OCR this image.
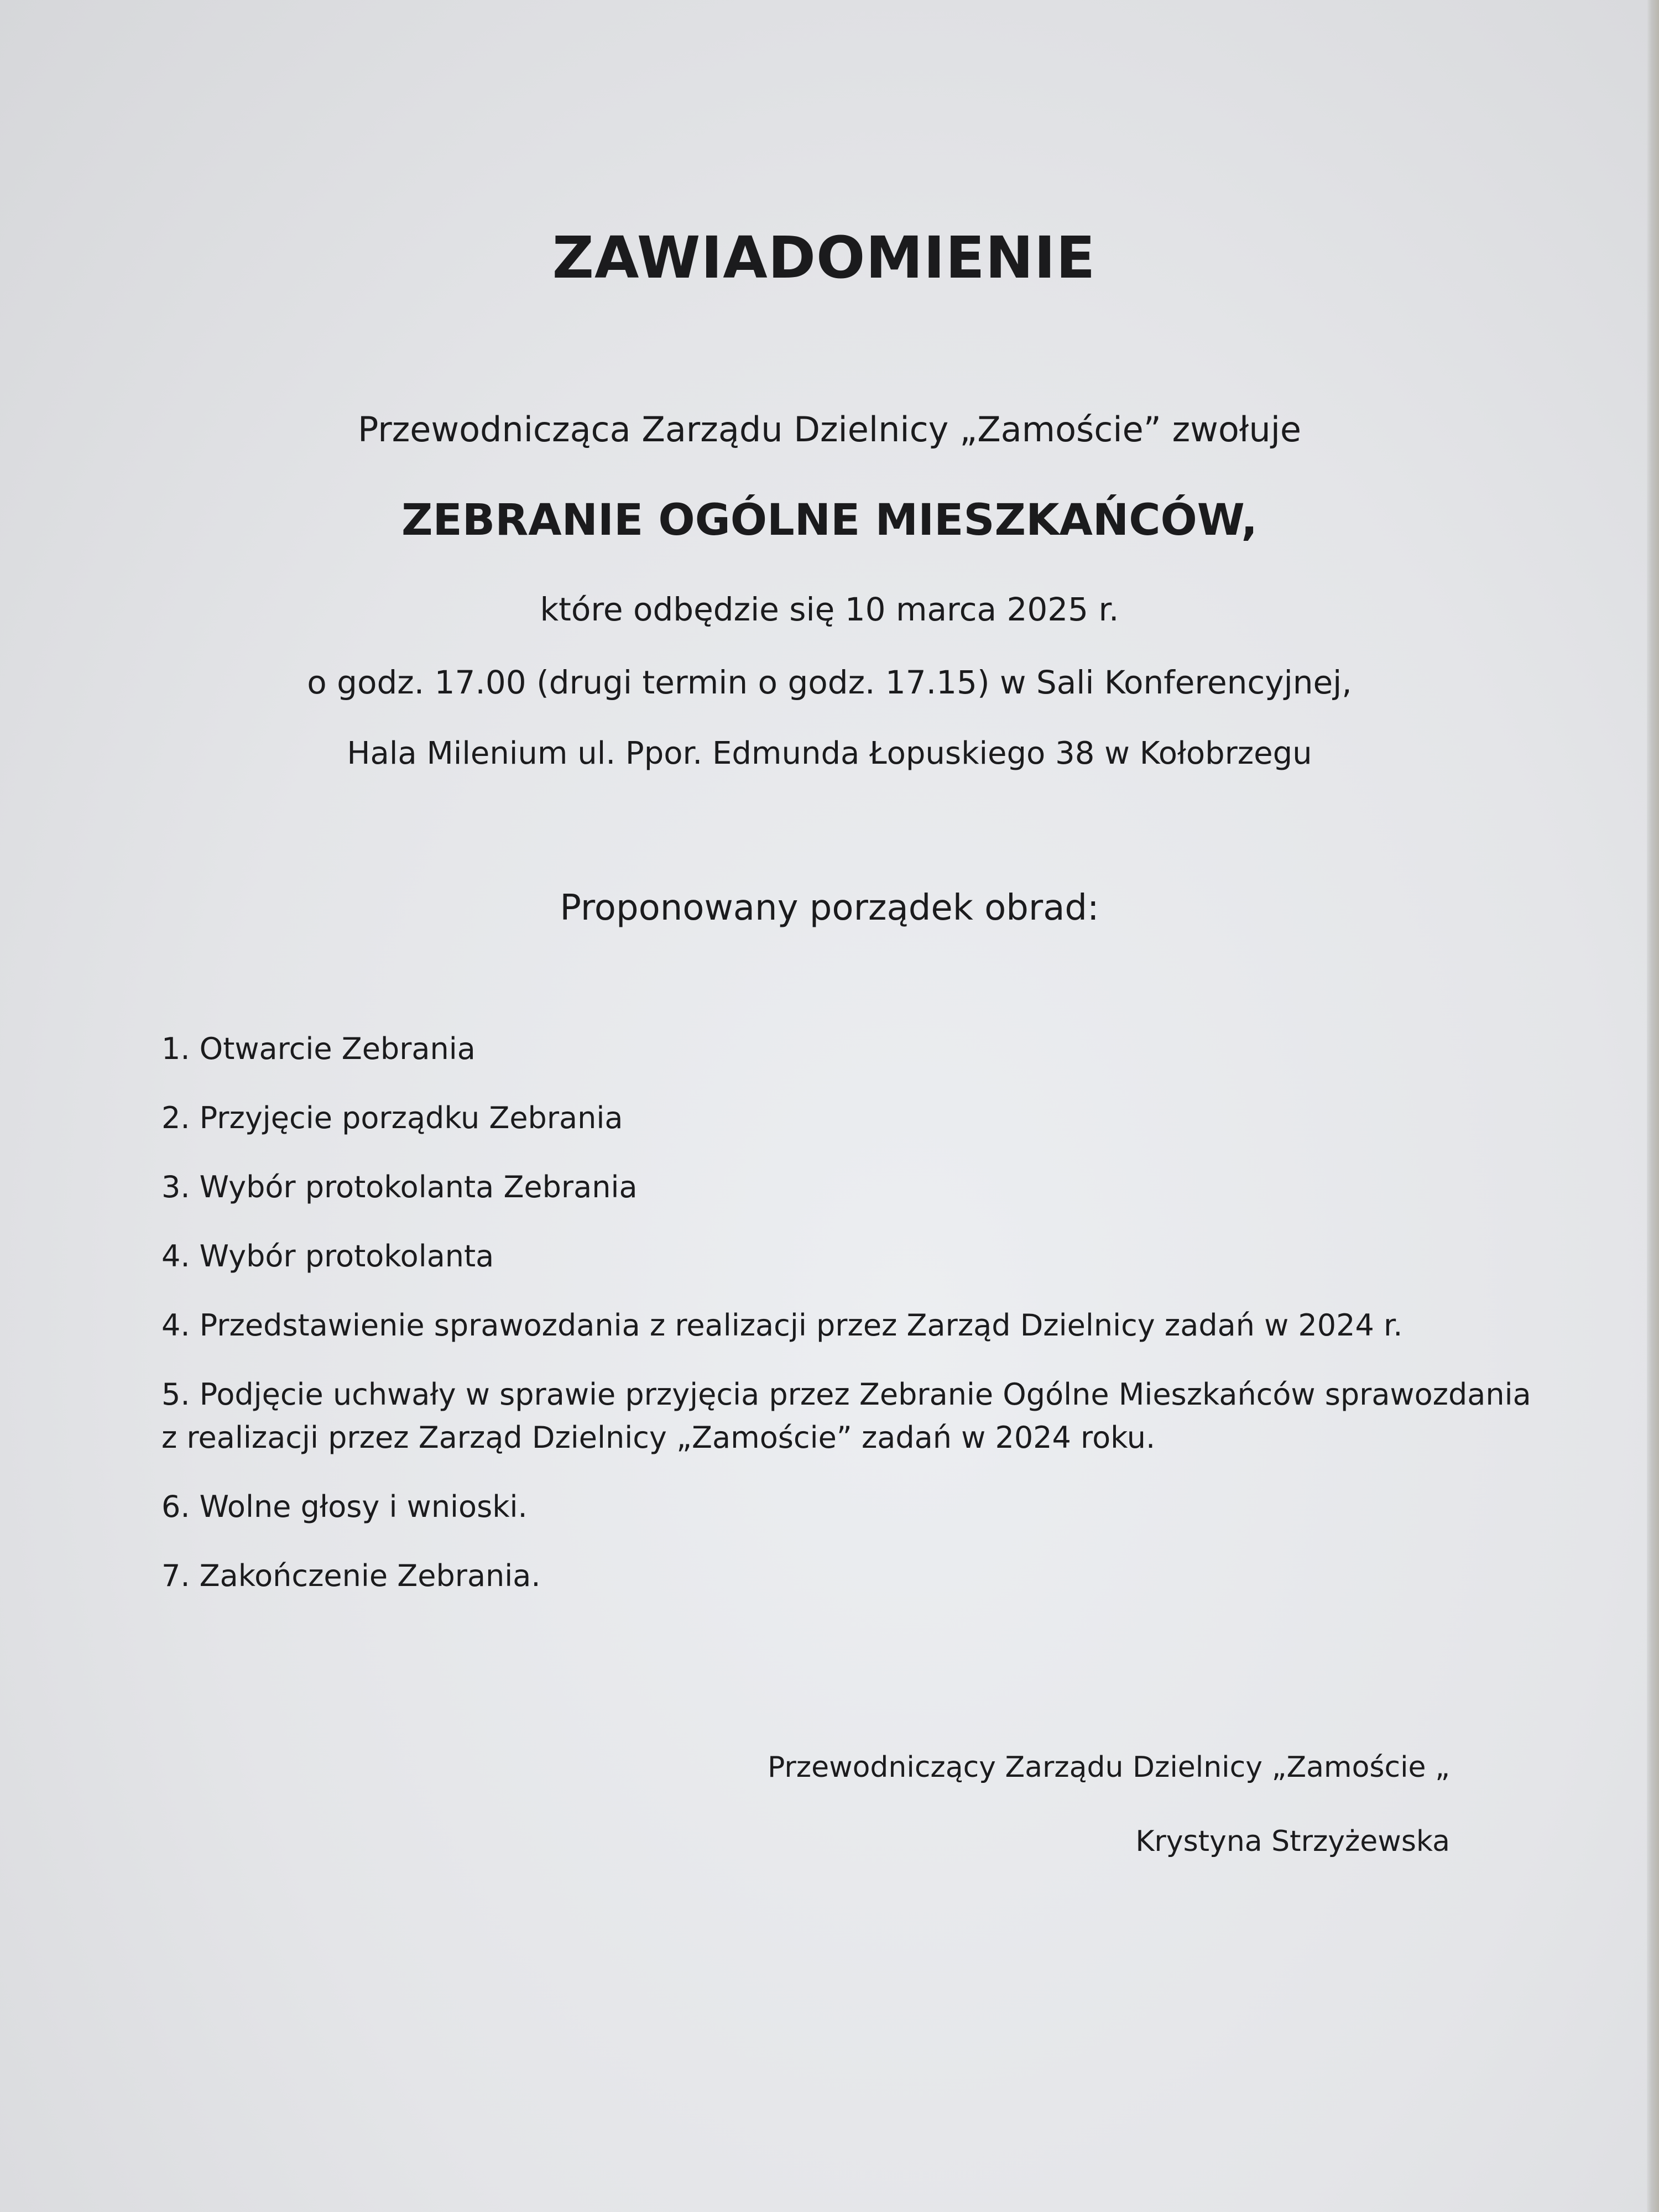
ZAWIADOMIENIE
Przewodnicząca Zarządu Dzielnicy „Zamoście” zwołuje
ZEBRANIE OGÓLNE MIESZKAŃCÓW,
które odbędzie się 10 marca 2025 r.
o godz. 17.00 (drugi termin o godz. 17.15) w Sali Konferencyjnej,
Hala Milenium ul. Ppor. Edmunda Łopuskiego 38 w Kołobrzegu
Proponowany porządek obrad:
1. Otwarcie Zebrania
2. Przyjęcie porządku Zebrania
3. Wybór protokolanta Zebrania
4. Wybór protokolanta
4. Przedstawienie sprawozdania z realizacji przez Zarząd Dzielnicy zadań w 2024 r.
5. Podjęcie uchwały w sprawie przyjęcia przez Zebranie Ogólne Mieszkańców sprawozdania
z realizacji przez Zarząd Dzielnicy „Zamoście” zadań w 2024 roku.
6. Wolne głosy i wnioski.
7. Zakończenie Zebrania.
Przewodniczący Zarządu Dzielnicy „Zamoście „
Krystyna Strzyżewska
